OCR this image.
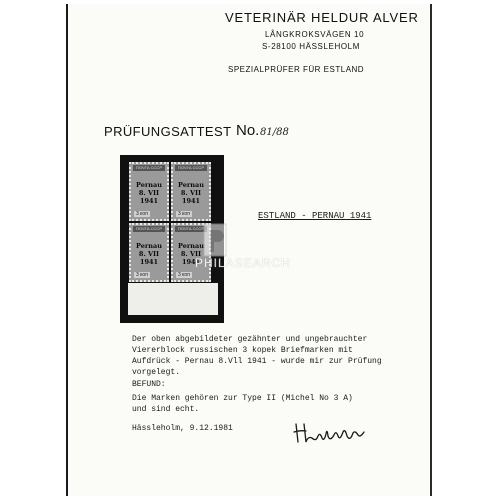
VETERINÄR HELDUR ALVER
LÅNGKROKSVÄGEN 10
S-28100 HÄSSLEHOLM
SPEZIALPRÜFER FÜR ESTLAND
PRÜFUNGSATTEST No. 81/88
ПОЧТА СССР
Pernau
8. VII
1941
3 коп
ПОЧТА СССР
Pernau
8. VII
1941
3 коп
ПОЧТА СССР
Pernau
8. VII
1941
3 коп
ПОЧТА СССР
Pernau
8. VII
1941
3 коп
ESTLAND - PERNAU 1941
PHILASEARCH
Der oben abgebildeter gezähnter und ungebrauchter
Viererblock russischen 3 kopek Briefmarken mit
Aufdrück - Pernau 8.Vll 1941 - wurde mir zur Prüfung
vorgelegt.
BEFUND:
Die Marken gehören zur Type II (Michel No 3 A)
und sind echt.
Hässleholm, 9.12.1981
